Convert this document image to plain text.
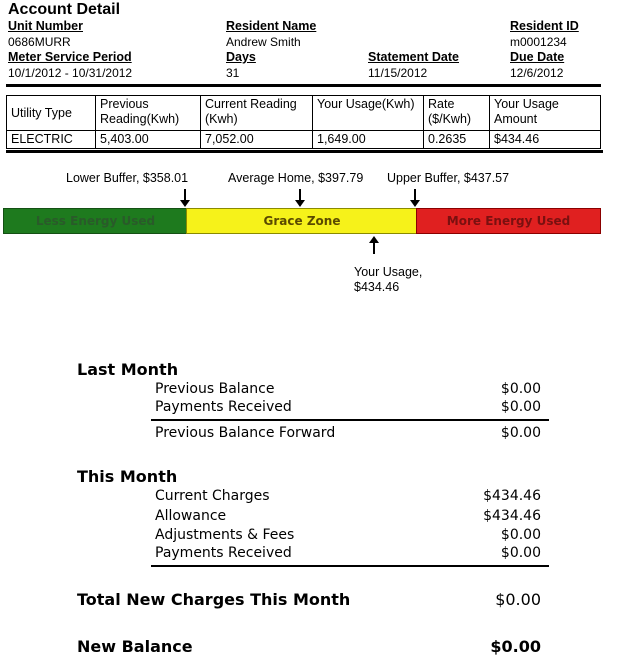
Account Detail
Unit Number
0686MURR
Resident Name
Andrew Smith
Resident ID
m0001234
Meter Service Period
10/1/2012 - 10/31/2012
Days
31
Statement Date
11/15/2012
Due Date
12/6/2012
Utility Type	Previous Reading(Kwh)	Current Reading (Kwh)	Your Usage(Kwh)	Rate ($/Kwh)	Your Usage Amount
ELECTRIC	5,403.00	7,052.00	1,649.00	0.2635	$434.46
Lower Buffer, $358.01	Average Home, $397.79 Upper Buffer, $437.57
Less Energy Used	Grace Zone	More Energy Used
Your Usage,
$434.46
Last Month
Previous Balance	$0.00
Payments Received	$0.00
Previous Balance Forward	$0.00
This Month
Current Charges	$434.46
Allowance	$434.46
Adjustments & Fees	$0.00
Payments Received	$0.00
Total New Charges This Month	$0.00
New Balance	$0.00
